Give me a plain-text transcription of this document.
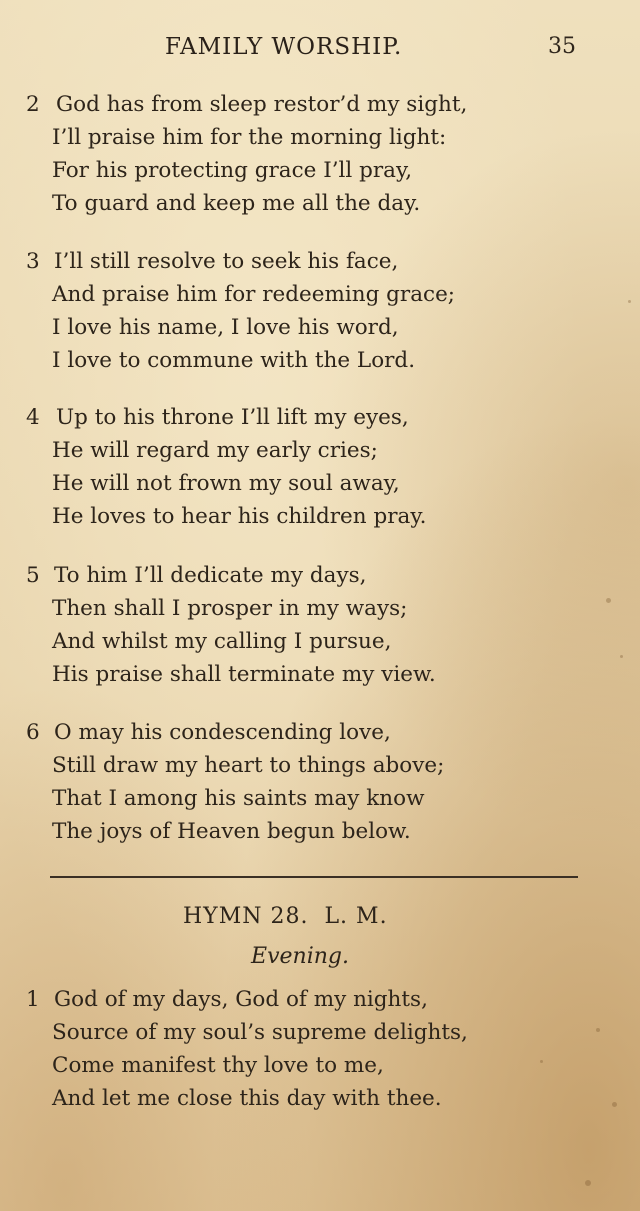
FAMILY WORSHIP.	35
2 God has from sleep restor’d my sight,
I’ll praise him for the morning light:
For his protecting grace I’ll pray,
To guard and keep me all the day.
3 I’ll still resolve to seek his face,
And praise him for redeeming grace;
I love his name, I love his word,
I love to commune with the Lord.
4 Up to his throne I’ll lift my eyes,
He will regard my early cries;
He will not frown my soul away,
He loves to hear his children pray.
5 To him I’ll dedicate my days,
Then shall I prosper in my ways;
And whilst my calling I pursue,
His praise shall terminate my view.
6 O may his condescending love,
Still draw my heart to things above;
That I among his saints may know
The joys of Heaven begun below.
HYMN 28.  L. M.
Evening.
1 God of my days, God of my nights,
Source of my soul’s supreme delights,
Come manifest thy love to me,
And let me close this day with thee.
